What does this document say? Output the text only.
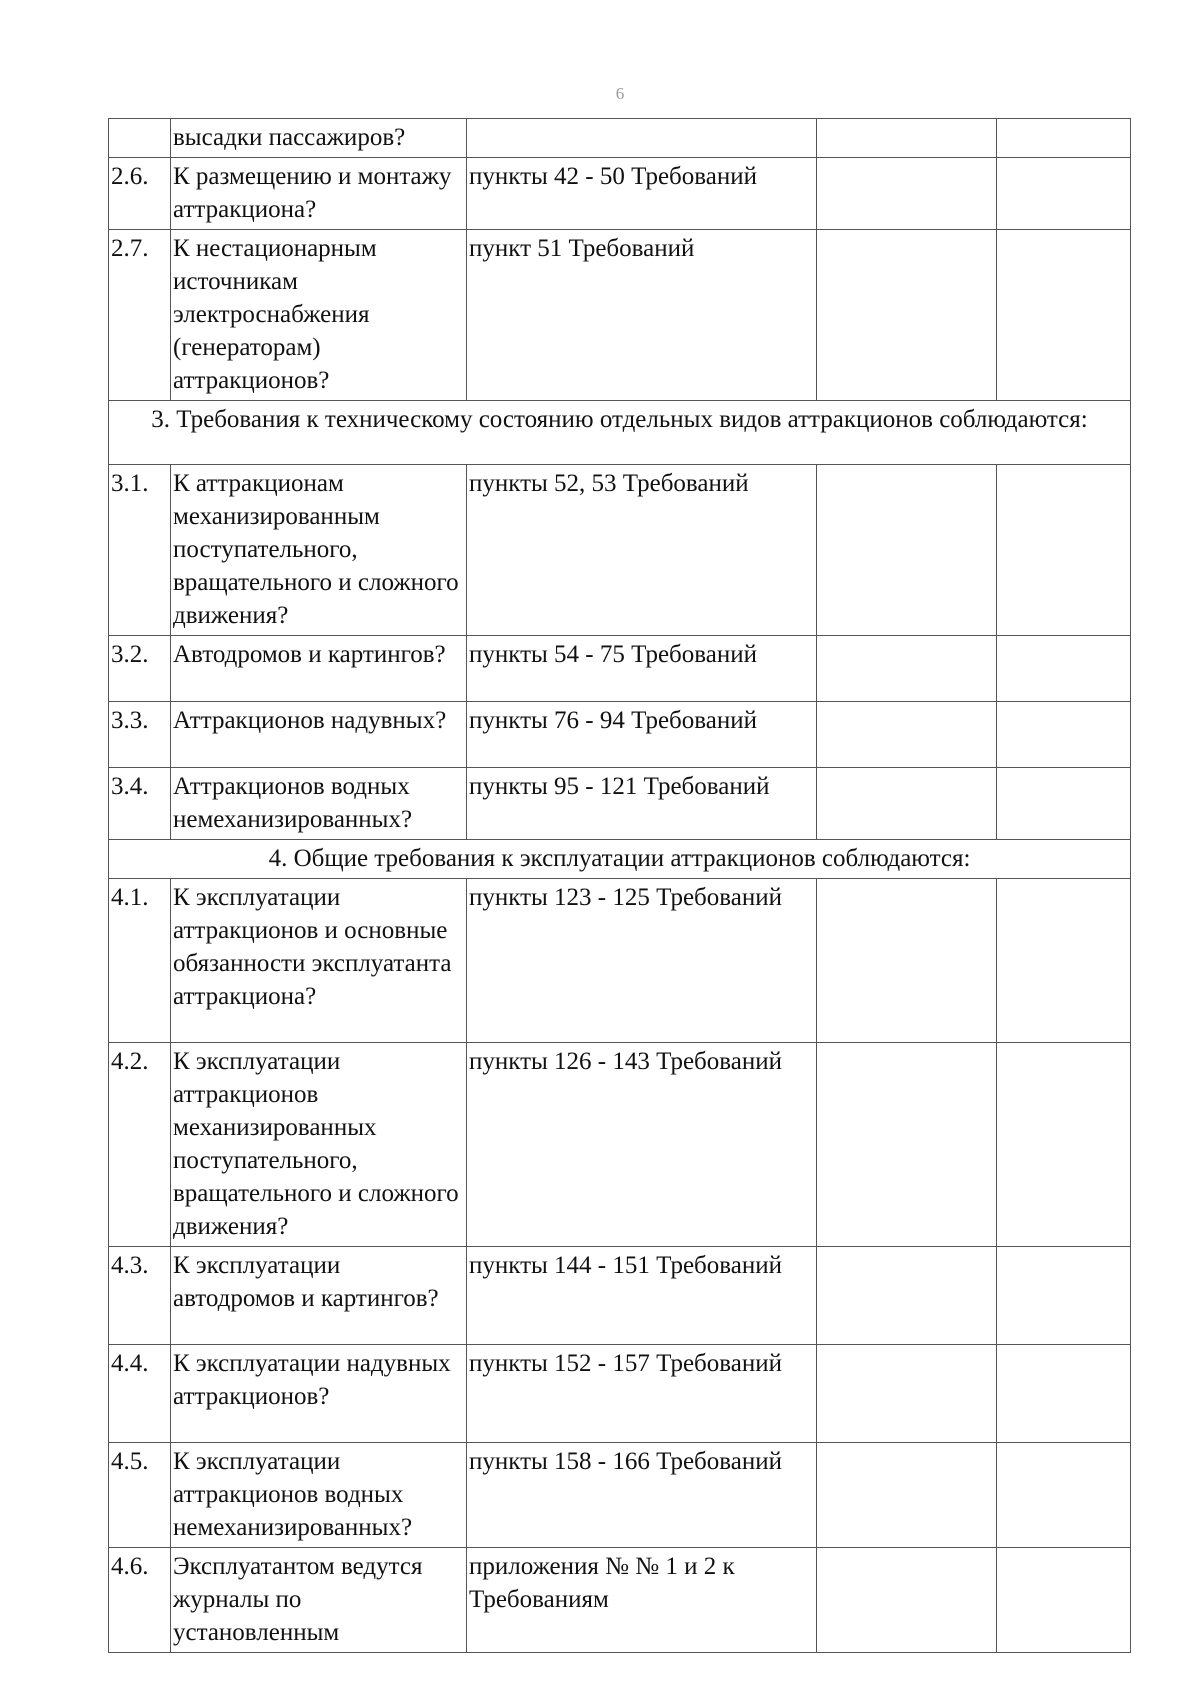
6
	высадки пассажиров?			
2.6.	К размещению и монтажу аттракциона?	пункты 42 - 50 Требований		
2.7.	К нестационарным источникам электроснабжения (генераторам) аттракционов?	пункт 51 Требований		
3. Требования к техническому состоянию отдельных видов аттракционов соблюдаются:				
3.1.	К аттракционам механизированным поступательного, вращательного и сложного движения?	пункты 52, 53 Требований		
3.2.	Автодромов и картингов?	пункты 54 - 75 Требований		
3.3.	Аттракционов надувных?	пункты 76 - 94 Требований		
3.4.	Аттракционов водных немеханизированных?	пункты 95 - 121 Требований		
4. Общие требования к эксплуатации аттракционов соблюдаются:				
4.1.	К эксплуатации аттракционов и основные обязанности эксплуатанта аттракциона?	пункты 123 - 125 Требований		
4.2.	К эксплуатации аттракционов механизированных поступательного, вращательного и сложного движения?	пункты 126 - 143 Требований		
4.3.	К эксплуатации автодромов и картингов?	пункты 144 - 151 Требований		
4.4.	К эксплуатации надувных аттракционов?	пункты 152 - 157 Требований		
4.5.	К эксплуатации аттракционов водных немеханизированных?	пункты 158 - 166 Требований		
4.6.	Эксплуатантом ведутся журналы по установленным	приложения № № 1 и 2 к Требованиям		
